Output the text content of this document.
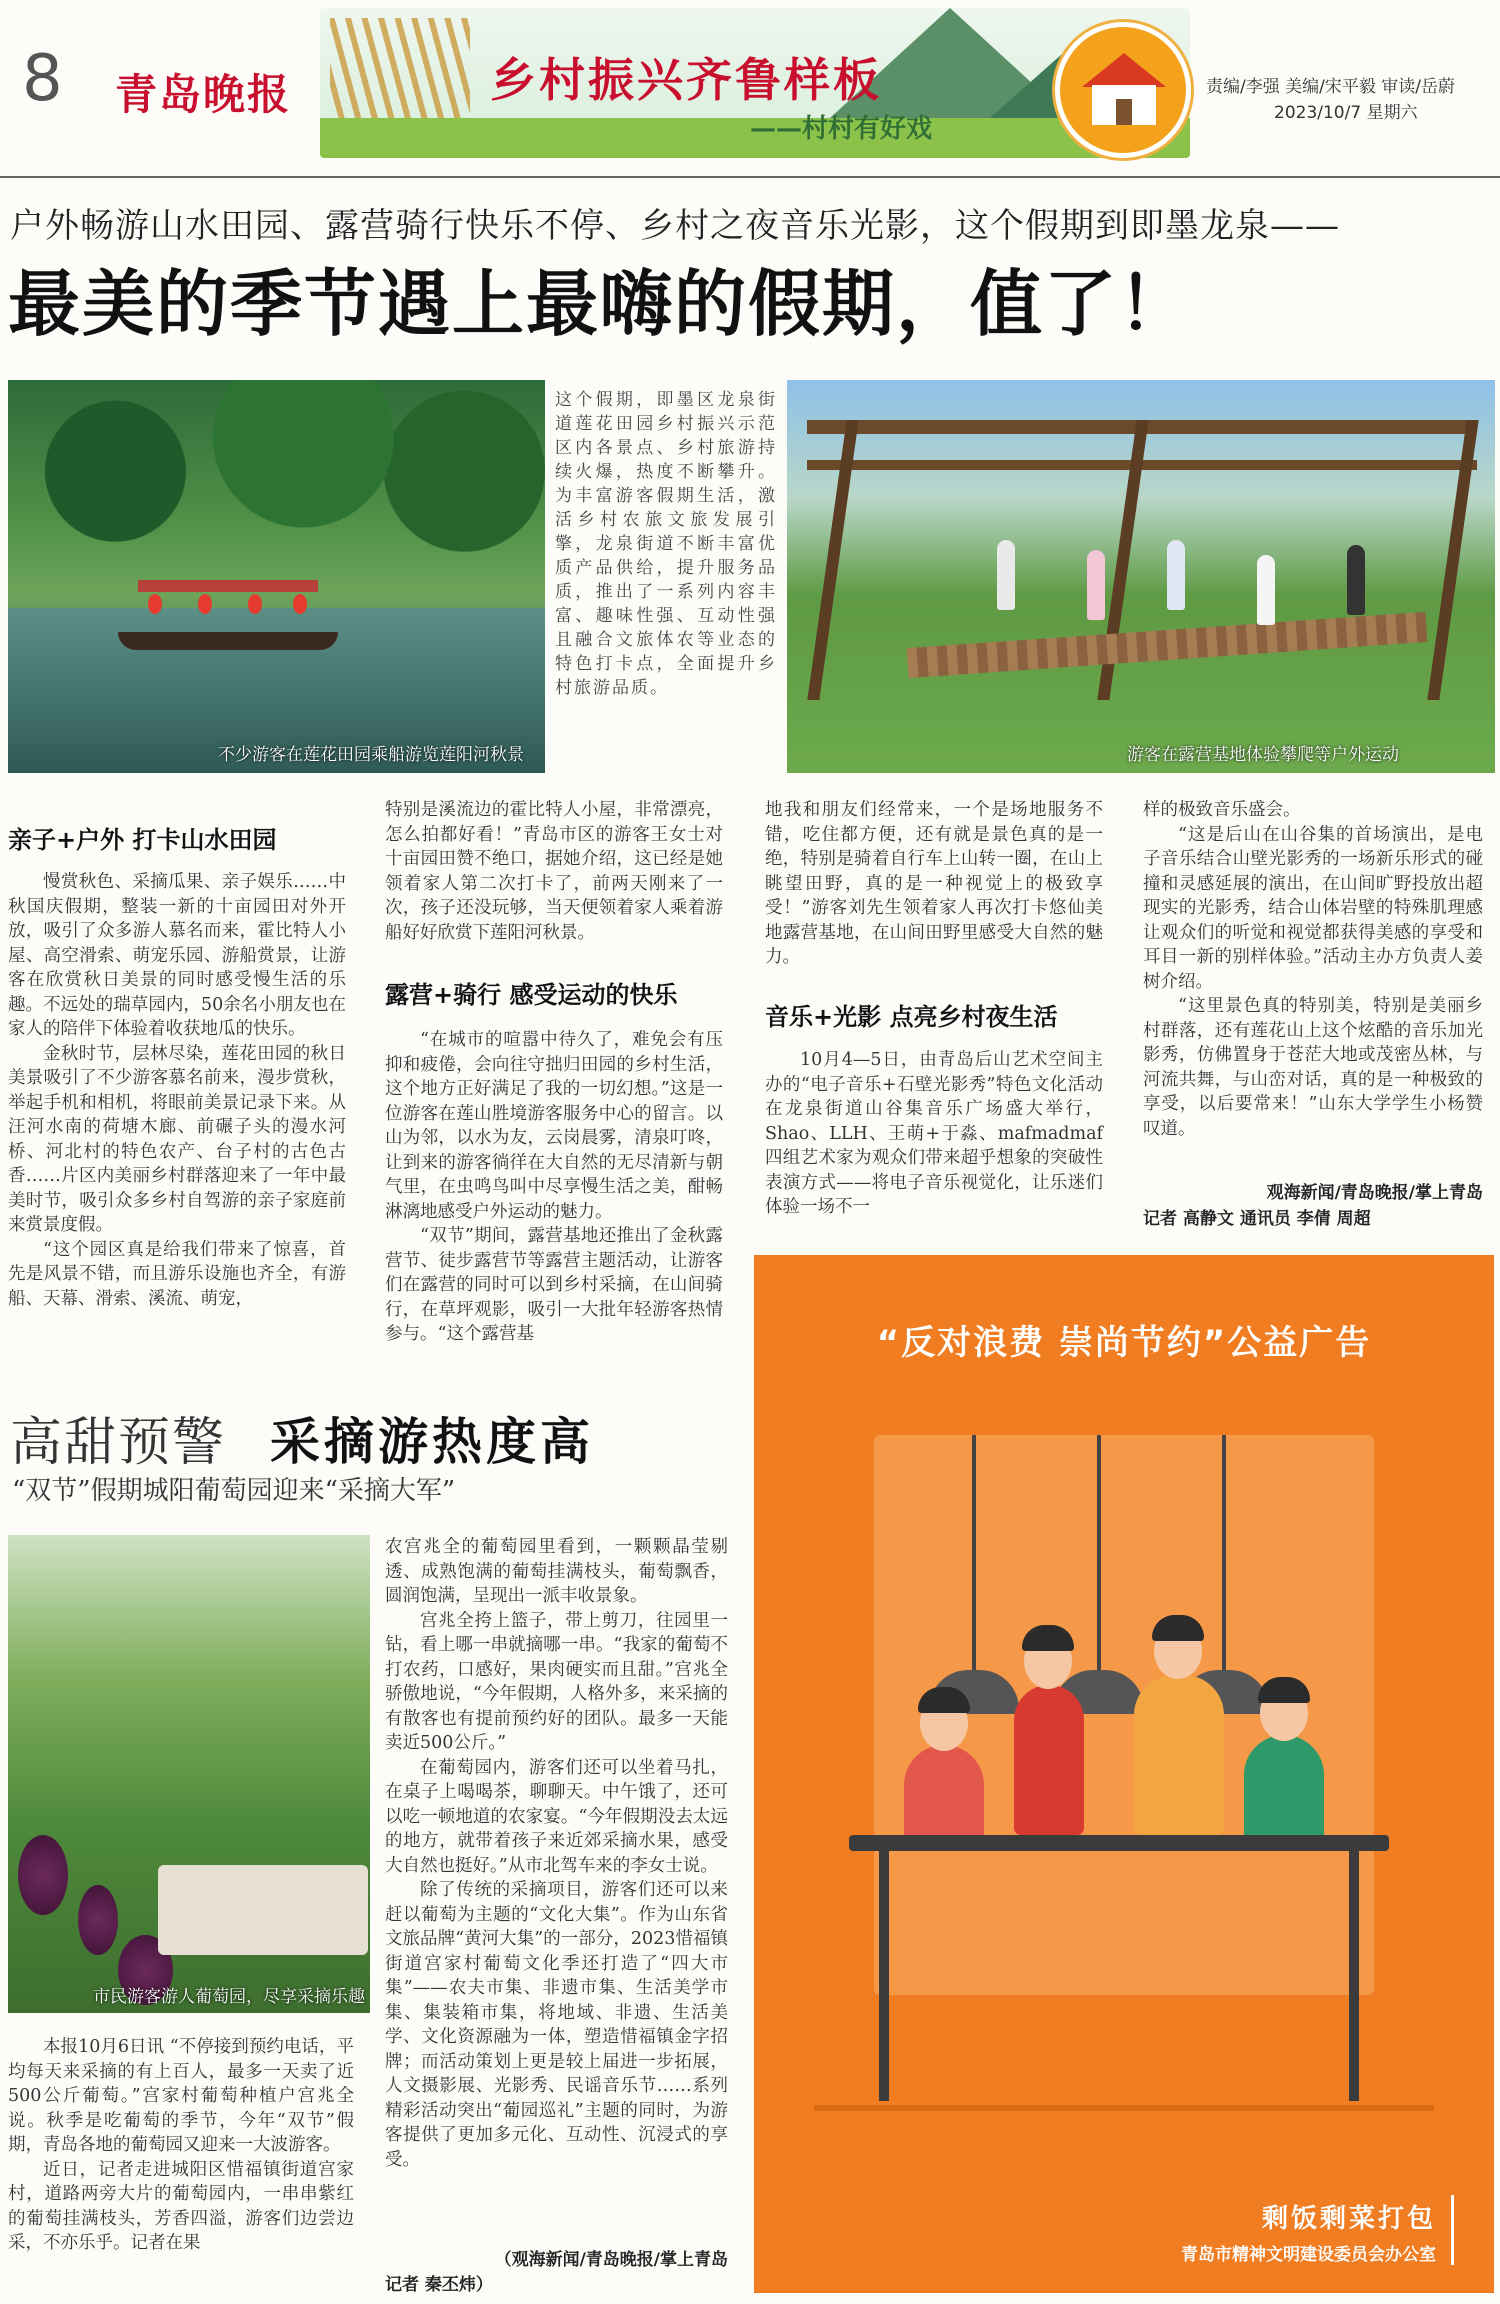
8 青岛晚报	乡村振兴齐鲁样板
——村村有好戏
责编/李强 美编/宋平毅 审读/岳蔚
2023/10/7 星期六
户外畅游山水田园、露营骑行快乐不停、乡村之夜音乐光影，这个假期到即墨龙泉——
最美的季节遇上最嗨的假期，值了！
不少游客在莲花田园乘船游览莲阳河秋景
这个假期，即墨区龙泉街道莲花田园乡村振兴示范区内各景点、乡村旅游持续火爆，热度不断攀升。为丰富游客假期生活，激活乡村农旅文旅发展引擎，龙泉街道不断丰富优质产品供给，提升服务品质，推出了一系列内容丰富、趣味性强、互动性强且融合文旅体农等业态的特色打卡点，全面提升乡村旅游品质。
游客在露营基地体验攀爬等户外运动
亲子+户外 打卡山水田园

慢赏秋色、采摘瓜果、亲子娱乐……中秋国庆假期，整装一新的十亩园田对外开放，吸引了众多游人慕名而来，霍比特人小屋、高空滑索、萌宠乐园、游船赏景，让游客在欣赏秋日美景的同时感受慢生活的乐趣。不远处的瑞草园内，50余名小朋友也在家人的陪伴下体验着收获地瓜的快乐。

金秋时节，层林尽染，莲花田园的秋日美景吸引了不少游客慕名前来，漫步赏秋，举起手机和相机，将眼前美景记录下来。从汪河水南的荷塘木廊、前碾子头的漫水河桥、河北村的特色农产、台子村的古色古香……片区内美丽乡村群落迎来了一年中最美时节，吸引众多乡村自驾游的亲子家庭前来赏景度假。

“这个园区真是给我们带来了惊喜，首先是风景不错，而且游乐设施也齐全，有游船、天幕、滑索、溪流、萌宠，

特别是溪流边的霍比特人小屋，非常漂亮，怎么拍都好看！”青岛市区的游客王女士对十亩园田赞不绝口，据她介绍，这已经是她领着家人第二次打卡了，前两天刚来了一次，孩子还没玩够，当天便领着家人乘着游船好好欣赏下莲阳河秋景。

露营+骑行 感受运动的快乐

“在城市的喧嚣中待久了，难免会有压抑和疲倦，会向往守拙归田园的乡村生活，这个地方正好满足了我的一切幻想。”这是一位游客在莲山胜境游客服务中心的留言。以山为邻，以水为友，云岗晨雾，清泉叮咚，让到来的游客徜徉在大自然的无尽清新与朝气里，在虫鸣鸟叫中尽享慢生活之美，酣畅淋漓地感受户外运动的魅力。

“双节”期间，露营基地还推出了金秋露营节、徒步露营节等露营主题活动，让游客们在露营的同时可以到乡村采摘，在山间骑行，在草坪观影，吸引一大批年轻游客热情参与。“这个露营基

地我和朋友们经常来，一个是场地服务不错，吃住都方便，还有就是景色真的是一绝，特别是骑着自行车上山转一圈，在山上眺望田野，真的是一种视觉上的极致享受！”游客刘先生领着家人再次打卡悠仙美地露营基地，在山间田野里感受大自然的魅力。

音乐+光影 点亮乡村夜生活

10月4—5日，由青岛后山艺术空间主办的“电子音乐+石壁光影秀”特色文化活动在龙泉街道山谷集音乐广场盛大举行，Shao、LLH、王萌+于淼、mafmadmaf四组艺术家为观众们带来超乎想象的突破性表演方式——将电子音乐视觉化，让乐迷们体验一场不一

样的极致音乐盛会。

“这是后山在山谷集的首场演出，是电子音乐结合山壁光影秀的一场新乐形式的碰撞和灵感延展的演出，在山间旷野投放出超现实的光影秀，结合山体岩壁的特殊肌理感让观众们的听觉和视觉都获得美感的享受和耳目一新的别样体验。”活动主办方负责人姜树介绍。

“这里景色真的特别美，特别是美丽乡村群落，还有莲花山上这个炫酷的音乐加光影秀，仿佛置身于苍茫大地或茂密丛林，与河流共舞，与山峦对话，真的是一种极致的享受，以后要常来！”山东大学学生小杨赞叹道。

观海新闻/青岛晚报/掌上青岛
记者 高静文 通讯员 李倩 周超
高甜预警 采摘游热度高
“双节”假期城阳葡萄园迎来“采摘大军”
市民游客游人葡萄园，尽享采摘乐趣

农宫兆全的葡萄园里看到，一颗颗晶莹剔透、成熟饱满的葡萄挂满枝头，葡萄飘香，圆润饱满，呈现出一派丰收景象。

宫兆全挎上篮子，带上剪刀，往园里一钻，看上哪一串就摘哪一串。“我家的葡萄不打农药，口感好，果肉硬实而且甜。”宫兆全骄傲地说，“今年假期，人格外多，来采摘的有散客也有提前预约好的团队。最多一天能卖近500公斤。”

在葡萄园内，游客们还可以坐着马扎，在桌子上喝喝茶，聊聊天。中午饿了，还可以吃一顿地道的农家宴。“今年假期没去太远的地方，就带着孩子来近郊采摘水果，感受大自然也挺好。”从市北驾车来的李女士说。

除了传统的采摘项目，游客们还可以来赶以葡萄为主题的“文化大集”。作为山东省文旅品牌“黄河大集”的一部分，2023惜福镇街道宫家村葡萄文化季还打造了“四大市集”——农夫市集、非遗市集、生活美学市集、集装箱市集，将地域、非遗、生活美学、文化资源融为一体，塑造惜福镇金字招牌；而活动策划上更是较上届进一步拓展，人文摄影展、光影秀、民谣音乐节……系列精彩活动突出“葡园巡礼”主题的同时，为游客提供了更加多元化、互动性、沉浸式的享受。

（观海新闻/青岛晚报/掌上青岛
记者 秦丕炜）

本报10月6日讯 “不停接到预约电话，平均每天来采摘的有上百人，最多一天卖了近500公斤葡萄。”宫家村葡萄种植户宫兆全说。秋季是吃葡萄的季节，今年“双节”假期，青岛各地的葡萄园又迎来一大波游客。

近日，记者走进城阳区惜福镇街道宫家村，道路两旁大片的葡萄园内，一串串紫红的葡萄挂满枝头，芳香四溢，游客们边尝边采，不亦乐乎。记者在果

“反对浪费 崇尚节约”公益广告
剩饭剩菜打包
青岛市精神文明建设委员会办公室
